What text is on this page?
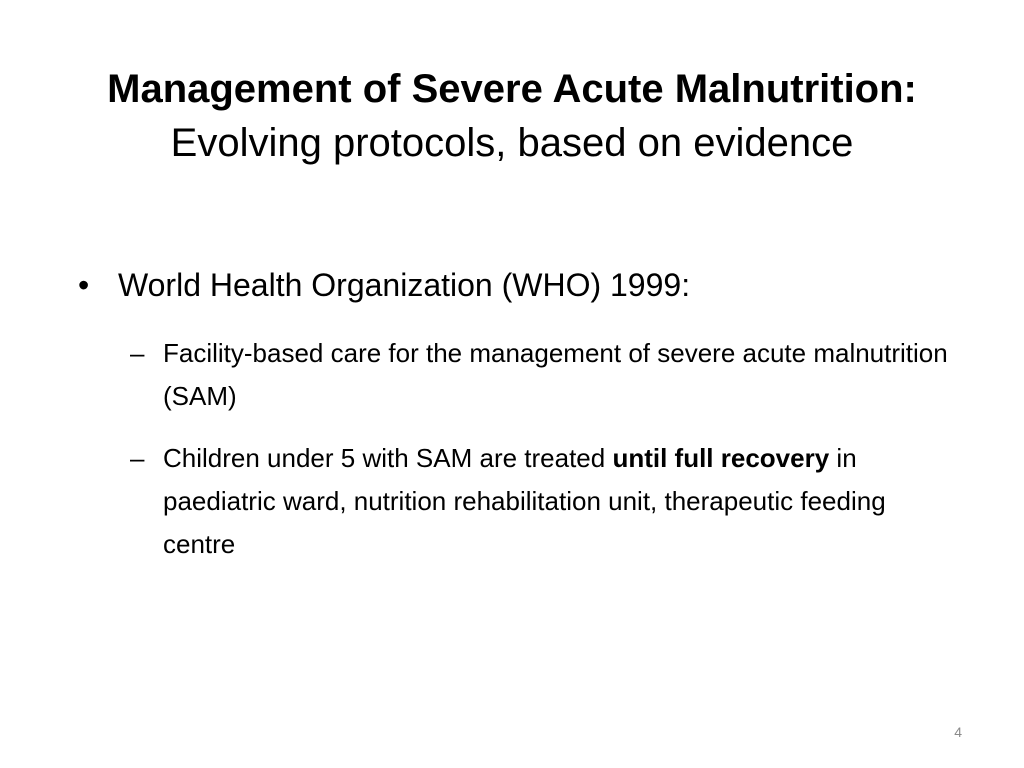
Management of Severe Acute Malnutrition:
Evolving protocols, based on evidence
• World Health Organization (WHO) 1999:
– Facility-based care for the management of severe acute malnutrition (SAM)
– Children under 5 with SAM are treated until full recovery in paediatric ward, nutrition rehabilitation unit, therapeutic feeding centre
4
